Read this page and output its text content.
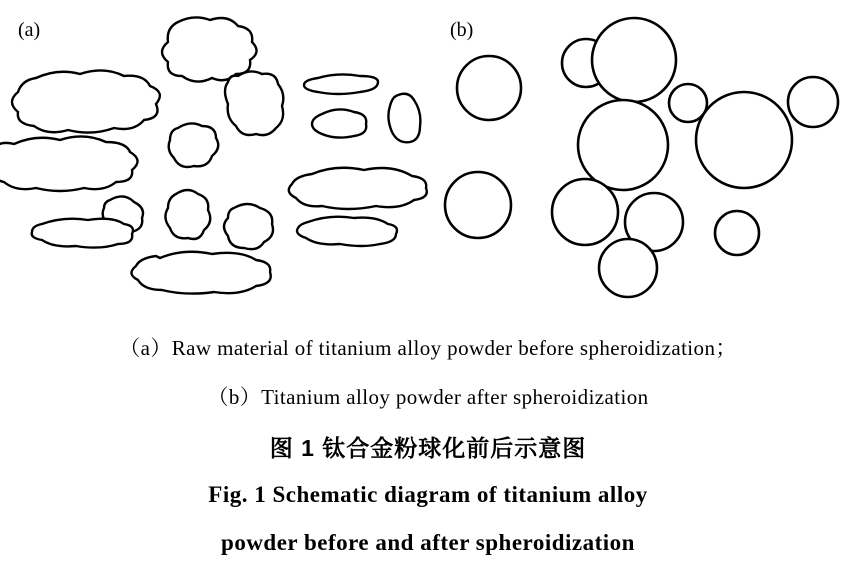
(a)	(b)
（a）Raw material of titanium alloy powder before spheroidization；
（b）Titanium alloy powder after spheroidization
图 1 钛合金粉球化前后示意图
Fig. 1 Schematic diagram of titanium alloy
powder before and after spheroidization
